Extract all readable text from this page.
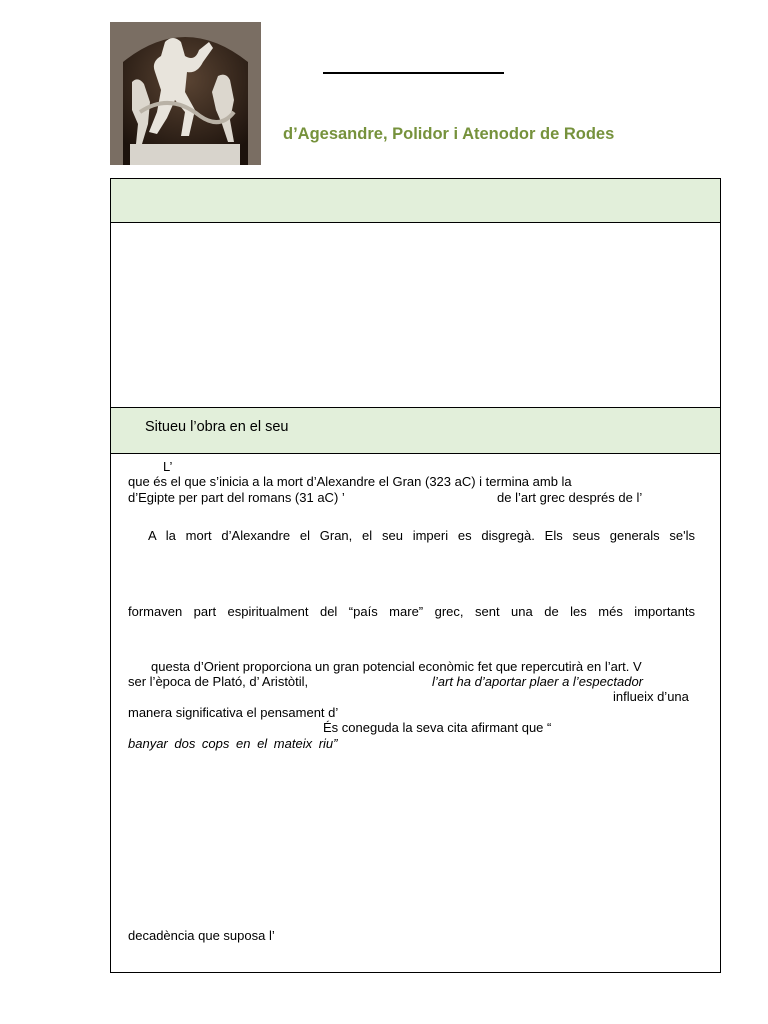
d’Agesandre, Polidor i Atenodor de Rodes
Situeu l’obra en el seu
L’
que és el que s’inicia a la mort d’Alexandre el Gran (323 aC) i termina amb la
d’Egipte per part del romans (31 aC) ’	de l’art grec després de l’
A la mort d’Alexandre el Gran, el seu imperi es disgregà. Els seus generals se'ls
formaven part espiritualment del “país mare” grec, sent una de les més importants
questa d’Orient proporciona un gran potencial econòmic fet que repercutirà en l’art. V
ser l’època de Plató, d’ Aristòtil,	l’art ha d’aportar plaer a l’espectador
influeix d’una
manera significativa el pensament d’
És coneguda la seva cita afirmant que “
banyar dos cops en el mateix riu”
decadència que suposa l’
